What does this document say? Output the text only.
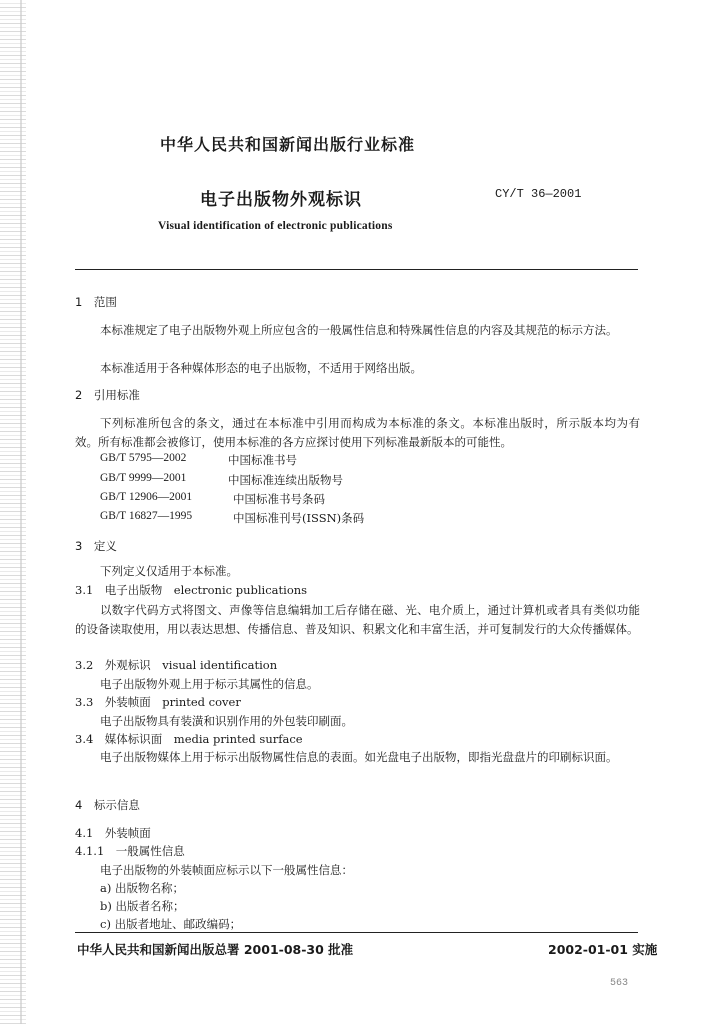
中华人民共和国新闻出版行业标准
电子出版物外观标识	CY/T 36—2001
Visual identification of electronic publications
1　范围
本标准规定了电子出版物外观上所应包含的一般属性信息和特殊属性信息的内容及其规范的标示方法。
本标准适用于各种媒体形态的电子出版物，不适用于网络出版。
2　引用标准
下列标准所包含的条文，通过在本标准中引用而构成为本标准的条文。本标准出版时，所示版本均为有效。所有标准都会被修订，使用本标准的各方应探讨使用下列标准最新版本的可能性。
GB/T 5795—2002	中国标准书号
GB/T 9999—2001	中国标准连续出版物号
GB/T 12906—2001	中国标准书号条码
GB/T 16827—1995	中国标准刊号(ISSN)条码
3　定义
下列定义仅适用于本标准。
3.1　电子出版物　electronic publications
以数字代码方式将图文、声像等信息编辑加工后存储在磁、光、电介质上，通过计算机或者具有类似功能的设备读取使用，用以表达思想、传播信息、普及知识、积累文化和丰富生活，并可复制发行的大众传播媒体。
3.2　外观标识　visual identification
电子出版物外观上用于标示其属性的信息。
3.3　外装帧面　printed cover
电子出版物具有装潢和识别作用的外包装印刷面。
3.4　媒体标识面　media printed surface
电子出版物媒体上用于标示出版物属性信息的表面。如光盘电子出版物，即指光盘盘片的印刷标识面。
4　标示信息
4.1　外装帧面
4.1.1　一般属性信息
电子出版物的外装帧面应标示以下一般属性信息：
a) 出版物名称；
b) 出版者名称；
c) 出版者地址、邮政编码；
中华人民共和国新闻出版总署 2001-08-30 批准	2002-01-01 实施
563
